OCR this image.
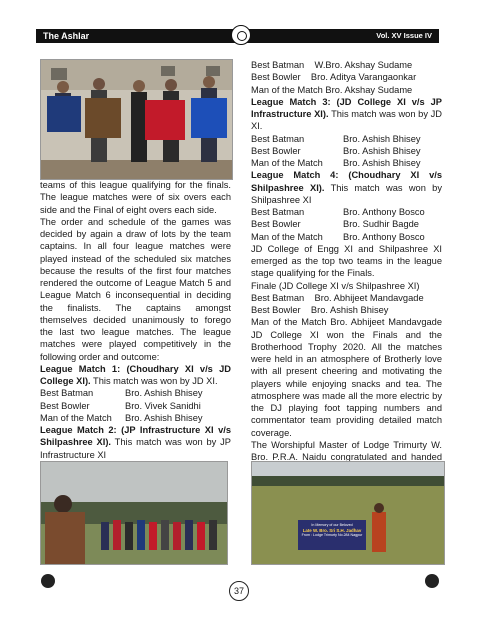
The Ashlar	Vol. XV Issue IV

teams of this league qualifying for the finals. The league matches were of six overs each side and the Final of eight overs each side.

The order and schedule of the games was decided by again a draw of lots by the team captains. In all four league matches were played instead of the scheduled six matches because the results of the first four matches rendered the outcome of League Match 5 and League Match 6 inconsequential in deciding the finalists. The captains amongst themselves decided unanimously to forego the last two league matches. The league matches were played competitively in the following order and outcome:

League Match 1: (Choudhary XI v/s JD College XI). This match was won by JD XI.

Best Batman	Bro. Ashish Bhisey
Best Bowler	Bro. Vivek Sanidhi
Man of the Match	Bro. Ashish Bhisey

League Match 2: (JP Infrastructure XI v/s Shilpashree XI). This match was won by JP Infrastructure XI

Best Batman    W.Bro. Akshay Sudame

Best Bowler    Bro. Aditya Varangaonkar

Man of the Match Bro. Akshay Sudame

League Match 3: (JD College XI v/s JP Infrastructure XI). This match was won by JD XI.

Best Batman	Bro. Ashish Bhisey
Best Bowler	Bro. Ashish Bhisey
Man of the Match	Bro. Ashish Bhisey

League Match 4: (Choudhary XI v/s Shilpashree XI). This match was won by Shilpashree XI

Best Batman	Bro. Anthony Bosco
Best Bowler	Bro. Sudhir Bagde
Man of the Match	Bro. Anthony Bosco

JD College of Engg XI and Shilpashree XI emerged as the top two teams in the league stage qualifying for the Finals.

Finale (JD College XI v/s Shilpashree XI)

Best Batman    Bro. Abhijeet Mandavgade

Best Bowler    Bro. Ashish Bhisey

Man of the Match Bro. Abhijeet Mandavgade JD College XI won the Finals and the Brotherhood Trophy 2020. All the matches were held in an atmosphere of Brotherly love with all present cheering and motivating the players while enjoying snacks and tea. The atmosphere was made all the more electric by the DJ playing foot tapping numbers and commentator team providing detailed match coverage.

The Worshipful Master of Lodge Trimurty W. Bro. P.R.A. Naidu congratulated and handed

In Memory of our Beloved
Late W. Bro. Sri S.H. Jadhav
From : Lodge Trimurty No.284 Nagpur
37
